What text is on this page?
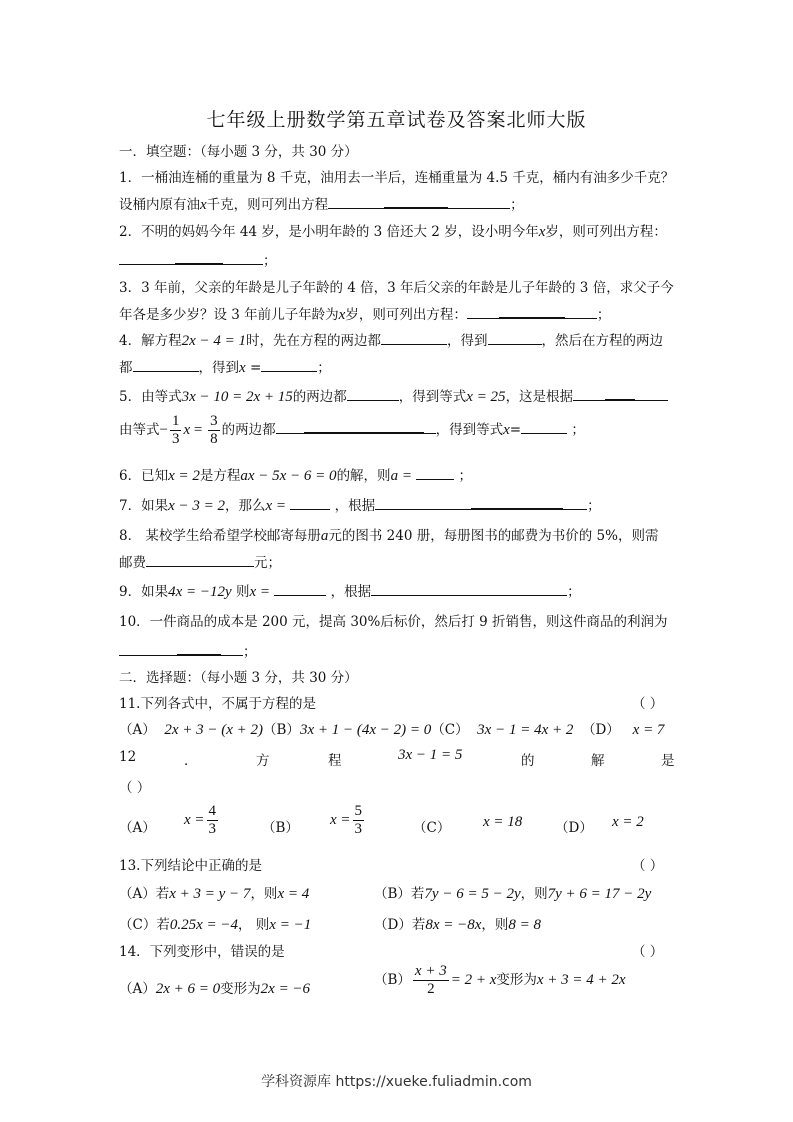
七年级上册数学第五章试卷及答案北师大版
一．填空题：（每小题 3 分，共 30 分）
1．一桶油连桶的重量为 8 千克，油用去一半后，连桶重量为 4.5 千克，桶内有油多少千克？
设桶内原有油x千克，则可列出方程	；
2．不明的妈妈今年 44 岁，是小明年龄的 3 倍还大 2 岁，设小明今年x岁，则可列出方程：
；
3．3 年前，父亲的年龄是儿子年龄的 4 倍，3 年后父亲的年龄是儿子年龄的 3 倍，求父子今
年各是多少岁？设 3 年前儿子年龄为x岁，则可列出方程：	；
4．解方程2x − 4 = 1时，先在方程的两边都	，得到	，然后在方程的两边
都	，得到x =	；
5．由等式3x − 10 = 2x + 15的两边都	，得到等式x = 25，这是根据
由等式− $\frac{1}{3}$ $x = \frac{3}{8}$ 的两边都	，得到等式x=	；
6．已知x = 2是方程ax − 5x − 6 = 0的解，则a =	；
7．如果x − 3 = 2，那么x =	，根据	；
8． 某校学生给希望学校邮寄每册a元的图书 240 册，每册图书的邮费为书价的 5%，则需
邮费	元；
9．如果4x = −12y 则x =	，根据	；
10．一件商品的成本是 200 元，提高 30%后标价，然后打 9 折销售，则这件商品的利润为
；
二．选择题：（每小题 3 分，共 30 分）
11.下列各式中，不属于方程的是	（ ）
（A） 2x + 3 − (x + 2)（B）3x + 1 − (4x − 2) = 0（C） 3x − 1 = 4x + 2 （D） x = 7
12	．	方	程	3x − 1 = 5	的	解	是
（ ）
（A） $x = \frac{4}{3}$	（B） $x = \frac{5}{3}$	（C） x = 18 （D） x = 2
13.下列结论中正确的是	（ ）
（A）若x + 3 = y − 7，则x = 4	（B）若7y − 6 = 5 − 2y，则7y + 6 = 17 − 2y
（C）若0.25x = −4， 则x = −1	（D）若8x = −8x，则8 = 8
14．下列变形中，错误的是	（ ）
（A）2x + 6 = 0变形为2x = −6
$(B) \frac{x + 3}{2} = 2 + x$变形为x + 3 = 4 + 2x
学科资源库 https://xueke.fuliadmin.com
